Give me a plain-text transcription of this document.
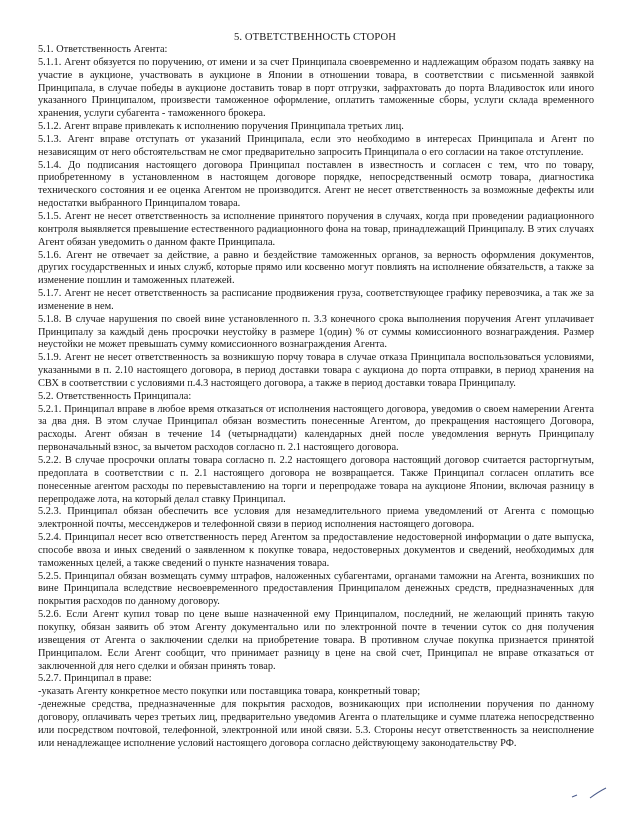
5. ОТВЕТСТВЕННОСТЬ СТОРОН

5.1. Ответственность Агента:

5.1.1. Агент обязуется по поручению, от имени и за счет Принципала своевременно и надлежащим образом подать заявку на участие в аукционе, участвовать в аукционе в Японии в отношении товара, в соответствии с письменной заявкой Принципала, в случае победы в аукционе доставить товар в порт отгрузки, зафрахтовать до порта Владивосток или иного указанного Принципалом, произвести таможенное оформление, оплатить таможенные сборы, услуги склада временного хранения, услуги субагента - таможенного брокера.

5.1.2. Агент вправе привлекать к исполнению поручения Принципала третьих лиц.

5.1.3. Агент вправе отступать от указаний Принципала, если это необходимо в интересах Принципала и Агент по независящим от него обстоятельствам не смог предварительно запросить Принципала о его согласии на такое отступление.

5.1.4. До подписания настоящего договора Принципал поставлен в известность и согласен с тем, что по товару, приобретенному в установленном в настоящем договоре порядке, непосредственный осмотр товара, диагностика технического состояния и ее оценка Агентом не производится. Агент не несет ответственность за возможные дефекты или недостатки выбранного Принципалом товара.

5.1.5. Агент не несет ответственность за исполнение принятого поручения в случаях, когда при проведении радиационного контроля выявляется превышение естественного радиационного фона на товар, принадлежащий Принципалу. В этих случаях Агент обязан уведомить о данном факте Принципала.

5.1.6. Агент не отвечает за действие, а равно и бездействие таможенных органов, за верность оформления документов, других государственных и иных служб, которые прямо или косвенно могут повлиять на исполнение обязательств, а также за изменение пошлин и таможенных платежей.

5.1.7. Агент не несет ответственность за расписание продвижения груза, соответствующее графику перевозчика, а так же за изменение в нем.

5.1.8. В случае нарушения по своей вине установленного п. 3.3 конечного срока выполнения поручения Агент уплачивает Принципалу за каждый день просрочки неустойку в размере 1(один) % от суммы комиссионного вознаграждения. Размер неустойки не может превышать сумму комиссионного вознаграждения Агента.

5.1.9. Агент не несет ответственность за возникшую порчу товара в случае отказа Принципала воспользоваться условиями, указанными в п. 2.10 настоящего договора, в период доставки товара с аукциона до порта отправки, в период хранения на СВХ в соответствии с условиями п.4.3 настоящего договора, а также в период доставки товара Принципалу.

5.2. Ответственность Принципала:

5.2.1. Принципал вправе в любое время отказаться от исполнения настоящего договора, уведомив о своем намерении Агента за два дня. В этом случае Принципал обязан возместить понесенные Агентом, до прекращения настоящего Договора, расходы. Агент обязан в течение 14 (четырнадцати) календарных дней после уведомления вернуть Принципалу первоначальный взнос, за вычетом расходов согласно п. 2.1 настоящего договора.

5.2.2. В случае просрочки оплаты товара согласно п. 2.2 настоящего договора настоящий договор считается расторгнутым, предоплата в соответствии с п. 2.1 настоящего договора не возвращается. Также Принципал согласен оплатить все понесенные агентом расходы по перевыставлению на торги и перепродаже товара на аукционе Японии, включая разницу в перепродаже лота, на который делал ставку Принципал.

5.2.3. Принципал обязан обеспечить все условия для незамедлительного приема уведомлений от Агента с помощью электронной почты, мессенджеров и телефонной связи в период исполнения настоящего договора.

5.2.4. Принципал несет всю ответственность перед Агентом за предоставление недостоверной информации о дате выпуска, способе ввоза и иных сведений о заявленном к покупке товара, недостоверных документов и сведений, необходимых для таможенных целей, а также сведений о пункте назначения товара.

5.2.5. Принципал обязан возмещать сумму штрафов, наложенных субагентами, органами таможни на Агента, возникших по вине Принципала вследствие несвоевременного предоставления Принципалом денежных средств, предназначенных для покрытия расходов по данному договору.

5.2.6. Если Агент купил товар по цене выше назначенной ему Принципалом, последний, не желающий принять такую покупку, обязан заявить об этом Агенту документально или по электронной почте в течении суток со дня получения извещения от Агента о заключении сделки на приобретение товара. В противном случае покупка признается принятой Принципалом. Если Агент сообщит, что принимает разницу в цене на свой счет, Принципал не вправе отказаться от заключенной для него сделки и обязан принять товар.

5.2.7. Принципал в праве:

-указать Агенту конкретное место покупки или поставщика товара, конкретный товар;

-денежные средства, предназначенные для покрытия расходов, возникающих при исполнении поручения по данному договору, оплачивать через третьих лиц, предварительно уведомив Агента о плательщике и сумме платежа непосредственно или посредством почтовой, телефонной, электронной или иной связи. 5.3. Стороны несут ответственность за неисполнение или ненадлежащее исполнение условий настоящего договора согласно действующему законодательству РФ.
